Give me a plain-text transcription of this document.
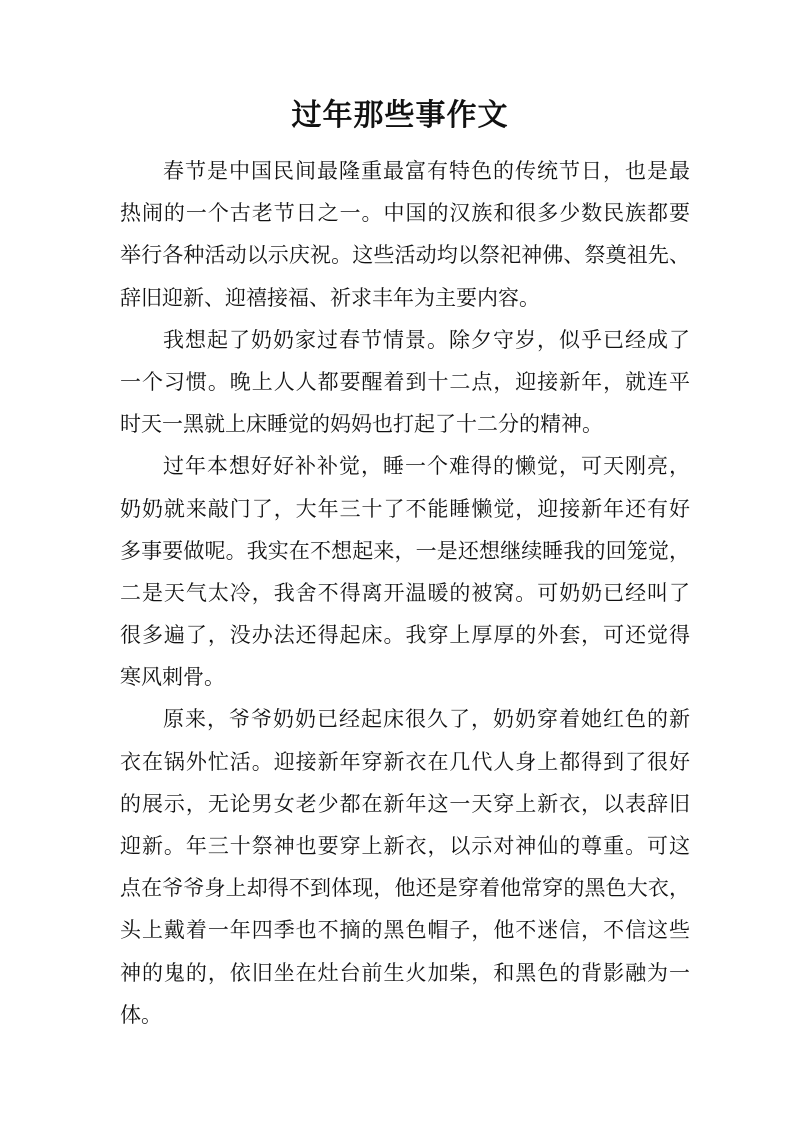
过年那些事作文
春节是中国民间最隆重最富有特色的传统节日，也是最
热闹的一个古老节日之一。中国的汉族和很多少数民族都要
举行各种活动以示庆祝。这些活动均以祭祀神佛、祭奠祖先、
辞旧迎新、迎禧接福、祈求丰年为主要内容。
我想起了奶奶家过春节情景。除夕守岁，似乎已经成了
一个习惯。晚上人人都要醒着到十二点，迎接新年，就连平
时天一黑就上床睡觉的妈妈也打起了十二分的精神。
过年本想好好补补觉，睡一个难得的懒觉，可天刚亮，
奶奶就来敲门了，大年三十了不能睡懒觉，迎接新年还有好
多事要做呢。我实在不想起来，一是还想继续睡我的回笼觉，
二是天气太冷，我舍不得离开温暖的被窝。可奶奶已经叫了
很多遍了，没办法还得起床。我穿上厚厚的外套，可还觉得
寒风刺骨。
原来，爷爷奶奶已经起床很久了，奶奶穿着她红色的新
衣在锅外忙活。迎接新年穿新衣在几代人身上都得到了很好
的展示，无论男女老少都在新年这一天穿上新衣，以表辞旧
迎新。年三十祭神也要穿上新衣，以示对神仙的尊重。可这
点在爷爷身上却得不到体现，他还是穿着他常穿的黑色大衣，
头上戴着一年四季也不摘的黑色帽子，他不迷信，不信这些
神的鬼的，依旧坐在灶台前生火加柴，和黑色的背影融为一
体。
